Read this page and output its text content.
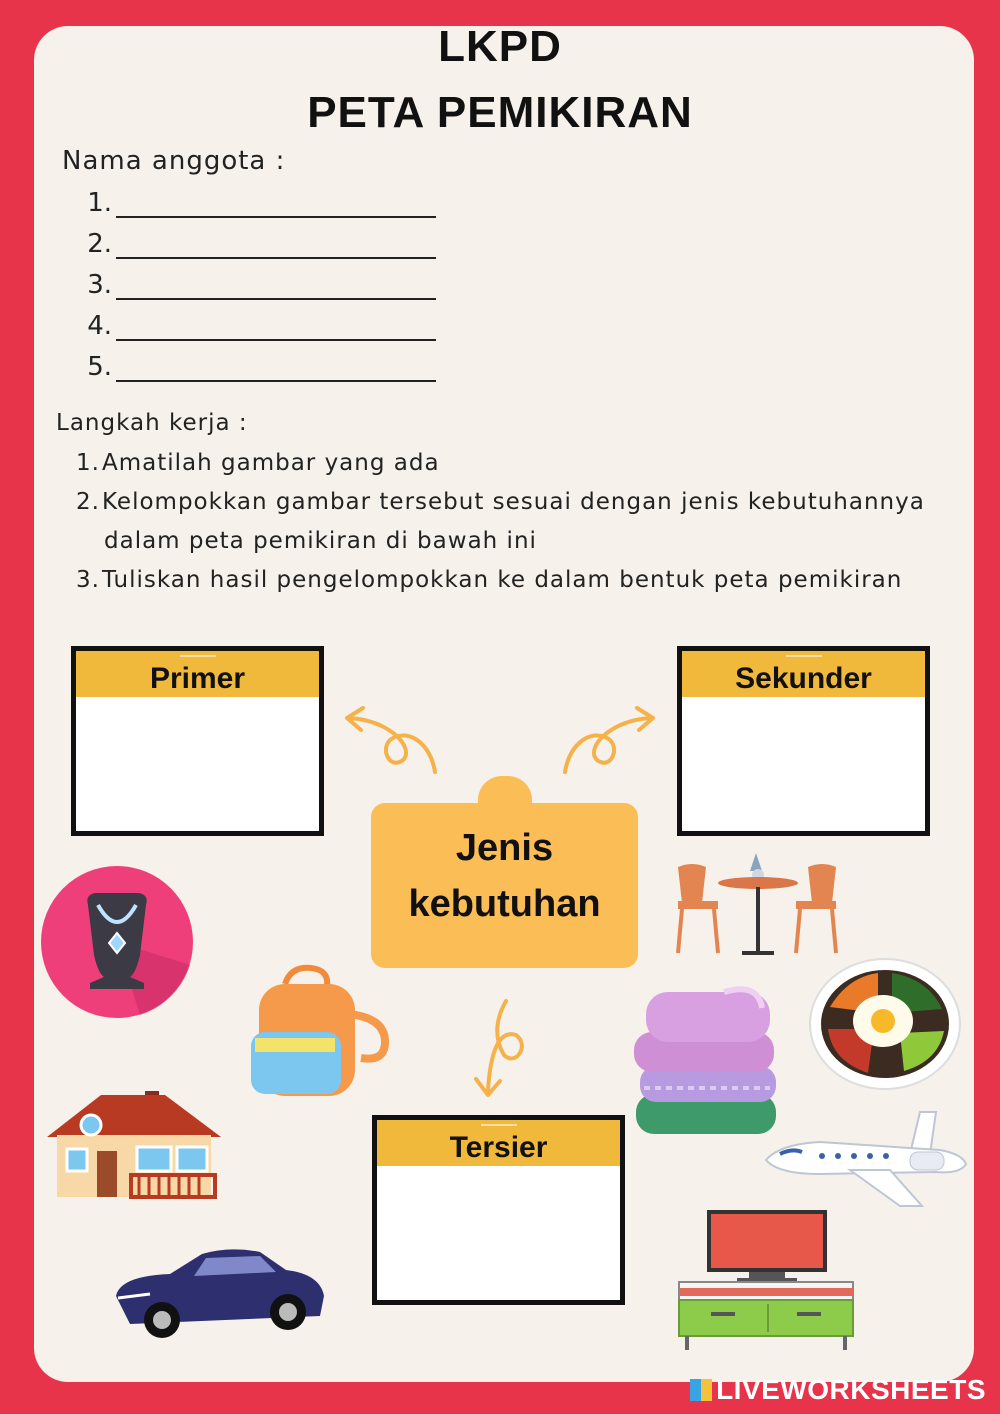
LKPD
PETA PEMIKIRAN
Nama anggota :
1.
2.
3.
4.
5.
Langkah kerja :
1.Amatilah gambar yang ada
2.Kelompokkan gambar tersebut sesuai dengan jenis kebutuhannya
dalam peta pemikiran di bawah ini
3.Tuliskan hasil pengelompokkan ke dalam bentuk peta pemikiran
Primer	Sekunder
Tersier
Jenis
kebutuhan
LIVEWORKSHEETS
